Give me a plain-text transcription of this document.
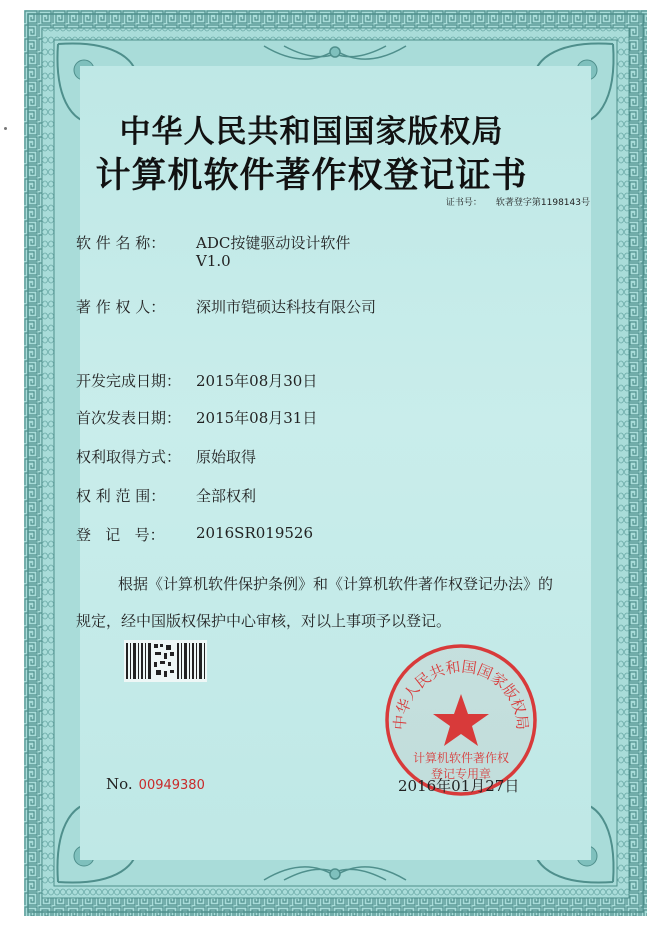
中华人民共和国国家版权局
计算机软件著作权登记证书
证书号： 软著登字第1198143号
软 件 名 称： ADC按键驱动设计软件
V1.0
著 作 权 人： 深圳市铠硕达科技有限公司
开发完成日期： 2015年08月30日
首次发表日期： 2015年08月31日
权利取得方式： 原始取得
权 利 范 围： 全部权利
登   记   号： 2016SR019526
根据《计算机软件保护条例》和《计算机软件著作权登记办法》的
规定，经中国版权保护中心审核，对以上事项予以登记。
No. 00949380
中华人民共和国国家版权局
计算机软件著作权
登记专用章
2016年01月27日
